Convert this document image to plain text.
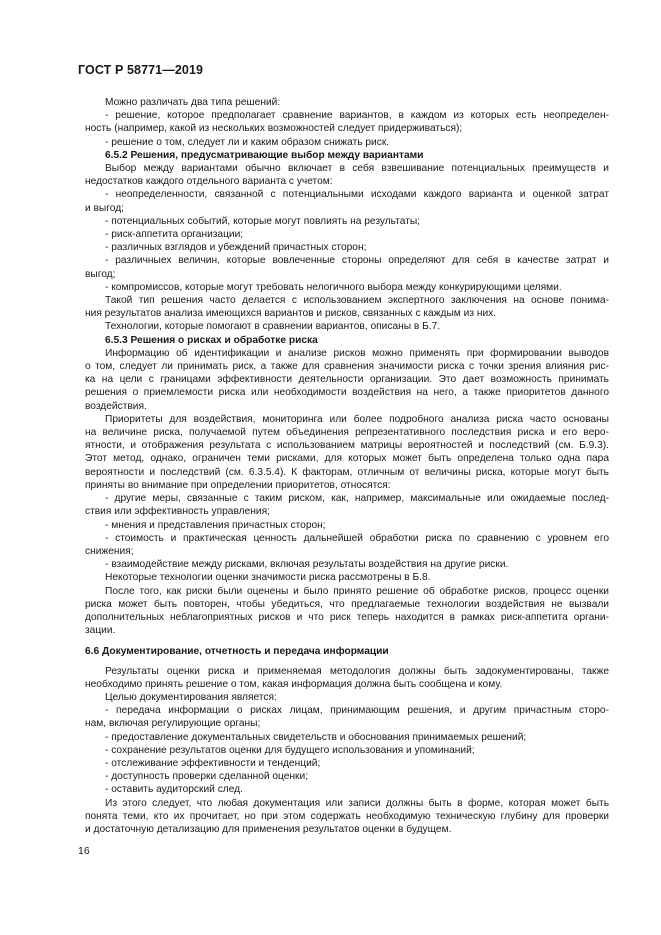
ГОСТ Р 58771—2019
Можно различать два типа решений:
- решение, которое предполагает сравнение вариантов, в каждом из которых есть неопределен-
ность (например, какой из нескольких возможностей следует придерживаться);
- решение о том, следует ли и каким образом снижать риск.
6.5.2 Решения, предусматривающие выбор между вариантами
Выбор между вариантами обычно включает в себя взвешивание потенциальных преимуществ и
недостатков каждого отдельного варианта с учетом:
- неопределенности, связанной с потенциальными исходами каждого варианта и оценкой затрат
и выгод;
- потенциальных событий, которые могут повлиять на результаты;
- риск-аппетита организации;
- различных взглядов и убеждений причастных сторон;
- различныех величин, которые вовлеченные стороны определяют для себя в качестве затрат и
выгод;
- компромиссов, которые могут требовать нелогичного выбора между конкурирующими целями.
Такой тип решения часто делается с использованием экспертного заключения на основе понима-
ния результатов анализа имеющихся вариантов и рисков, связанных с каждым из них.
Технологии, которые помогают в сравнении вариантов, описаны в Б.7.
6.5.3 Решения о рисках и обработке риска
Информацию об идентификации и анализе рисков можно применять при формировании выводов
о том, следует ли принимать риск, а также для сравнения значимости риска с точки зрения влияния рис-
ка на цели с границами эффективности деятельности организации. Это дает возможность принимать
решения о приемлемости риска или необходимости воздействия на него, а также приоритетов данного
воздействия.
Приоритеты для воздействия, мониторинга или более подробного анализа риска часто основаны
на величине риска, получаемой путем объединения репрезентативного последствия риска и его веро-
ятности, и отображения результата с использованием матрицы вероятностей и последствий (см. Б.9.3).
Этот метод, однако, ограничен теми рисками, для которых может быть определена только одна пара
вероятности и последствий (см. 6.3.5.4). К факторам, отличным от величины риска, которые могут быть
приняты во внимание при определении приоритетов, относятся:
- другие меры, связанные с таким риском, как, например, максимальные или ожидаемые послед-
ствия или эффективность управления;
- мнения и представления причастных сторон;
- стоимость и практическая ценность дальнейшей обработки риска по сравнению с уровнем его
снижения;
- взаимодействие между рисками, включая результаты воздействия на другие риски.
Некоторые технологии оценки значимости риска рассмотрены в Б.8.
После того, как риски были оценены и было принято решение об обработке рисков, процесс оценки
риска может быть повторен, чтобы убедиться, что предлагаемые технологии воздействия не вызвали
дополнительных неблагоприятных рисков и что риск теперь находится в рамках риск-аппетита органи-
зации.
6.6 Документирование, отчетность и передача информации
Результаты оценки риска и применяемая методология должны быть задокументированы, также
необходимо принять решение о том, какая информация должна быть сообщена и кому.
Целью документирования является:
- передача информации о рисках лицам, принимающим решения, и другим причастным сторо-
нам, включая регулирующие органы;
- предоставление документальных свидетельств и обоснования принимаемых решений;
- сохранение результатов оценки для будущего использования и упоминаний;
- отслеживание эффективности и тенденций;
- доступность проверки сделанной оценки;
- оставить аудиторский след.
Из этого следует, что любая документация или записи должны быть в форме, которая может быть
понята теми, кто их прочитает, но при этом содержать необходимую техническую глубину для проверки
и достаточную детализацию для применения результатов оценки в будущем.
16
